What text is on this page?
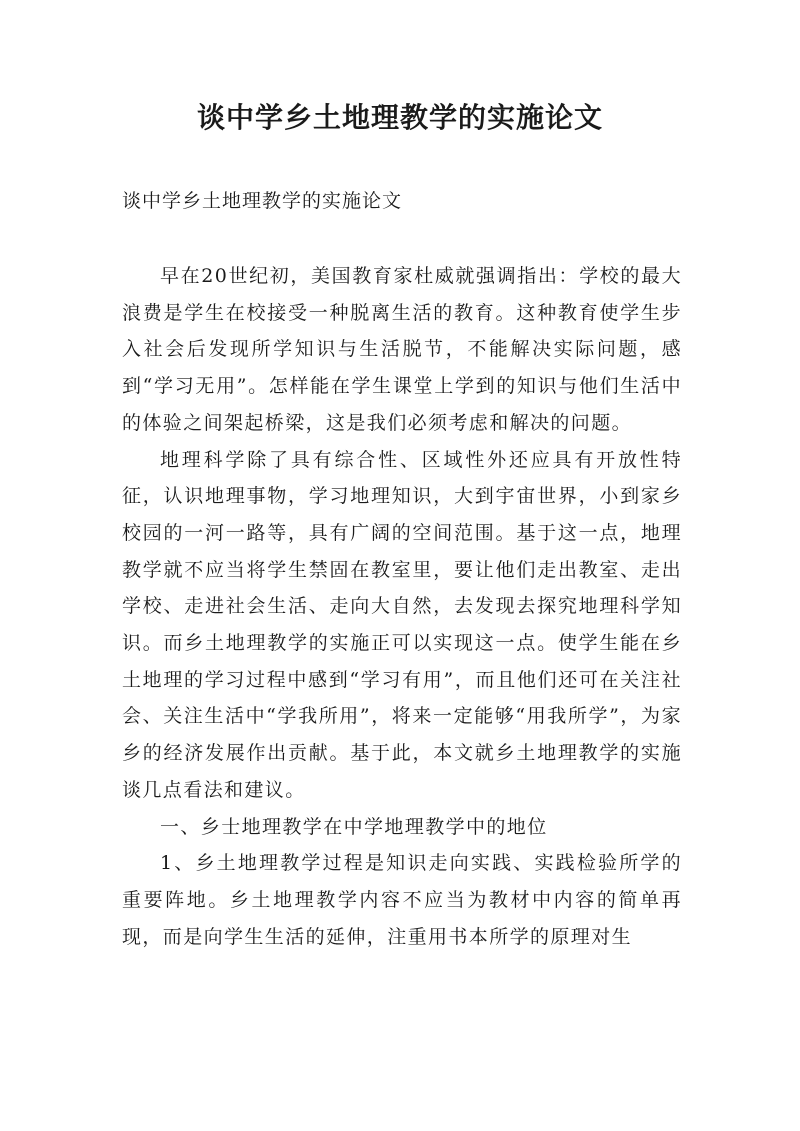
谈中学乡土地理教学的实施论文

谈中学乡土地理教学的实施论文

早在20世纪初，美国教育家杜威就强调指出：学校的最大浪费是学生在校接受一种脱离生活的教育。这种教育使学生步入社会后发现所学知识与生活脱节，不能解决实际问题，感到“学习无用”。怎样能在学生课堂上学到的知识与他们生活中的体验之间架起桥梁，这是我们必须考虑和解决的问题。

地理科学除了具有综合性、区域性外还应具有开放性特征，认识地理事物，学习地理知识，大到宇宙世界，小到家乡校园的一河一路等，具有广阔的空间范围。基于这一点，地理教学就不应当将学生禁固在教室里，要让他们走出教室、走出学校、走进社会生活、走向大自然，去发现去探究地理科学知识。而乡土地理教学的实施正可以实现这一点。使学生能在乡土地理的学习过程中感到“学习有用”，而且他们还可在关注社会、关注生活中“学我所用”，将来一定能够“用我所学”，为家乡的经济发展作出贡献。基于此，本文就乡土地理教学的实施谈几点看法和建议。

一、乡士地理教学在中学地理教学中的地位

1、乡土地理教学过程是知识走向实践、实践检验所学的重要阵地。乡土地理教学内容不应当为教材中内容的简单再现，而是向学生生活的延伸，注重用书本所学的原理对生
